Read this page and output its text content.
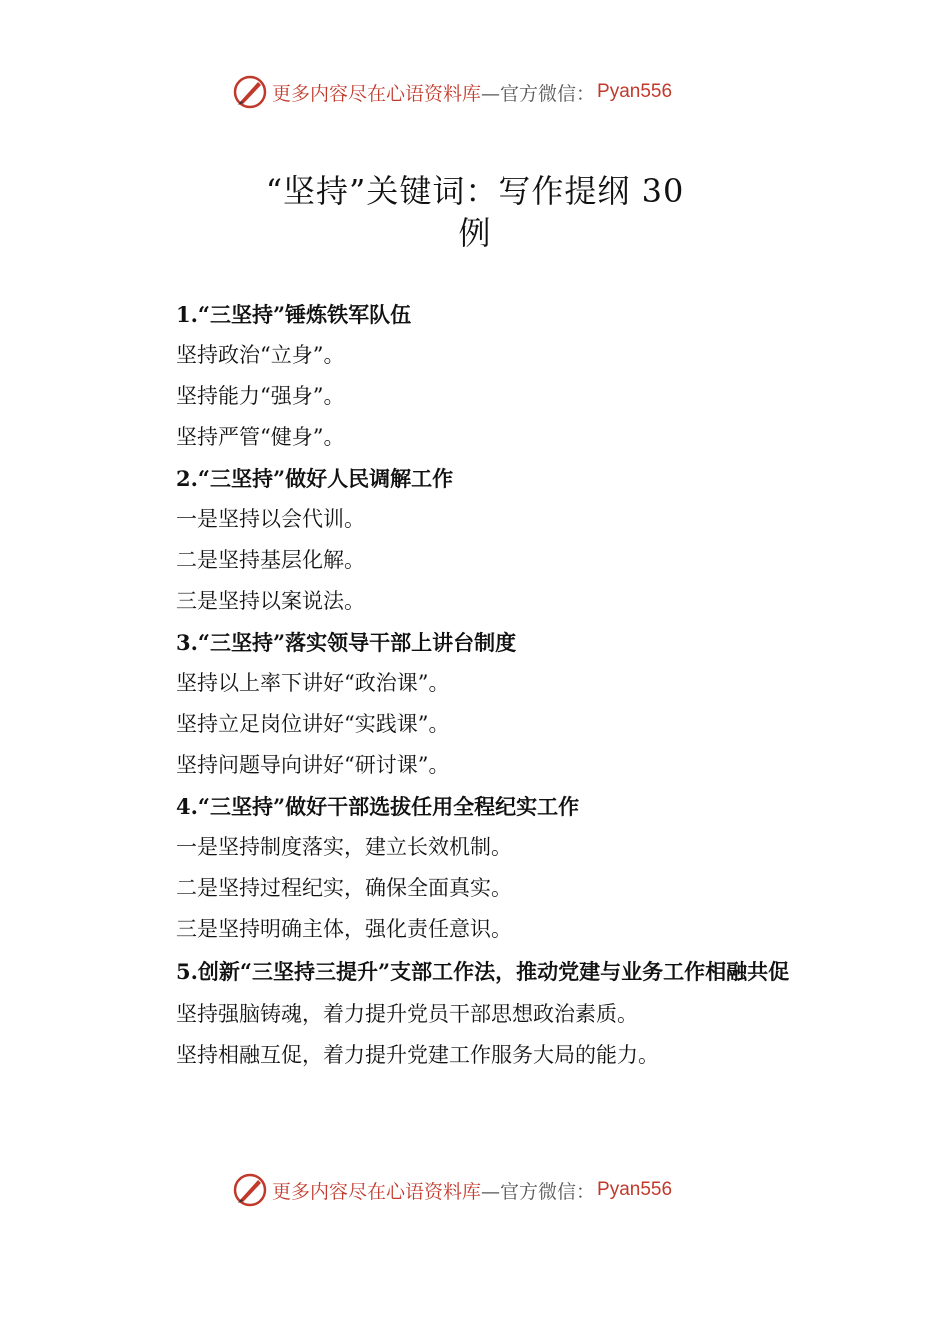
更多内容尽在心语资料库 —官方微信： Pyan556
“坚持”关键词：写作提纲 30
例
1.“三坚持”锤炼铁军队伍
坚持政治“立身”。
坚持能力“强身”。
坚持严管“健身”。
2.“三坚持”做好人民调解工作
一是坚持以会代训。
二是坚持基层化解。
三是坚持以案说法。
3.“三坚持”落实领导干部上讲台制度
坚持以上率下讲好“政治课”。
坚持立足岗位讲好“实践课”。
坚持问题导向讲好“研讨课”。
4.“三坚持”做好干部选拔任用全程纪实工作
一是坚持制度落实，建立长效机制。
二是坚持过程纪实，确保全面真实。
三是坚持明确主体，强化责任意识。
5.创新“三坚持三提升”支部工作法，推动党建与业务工作相融共促
坚持强脑铸魂，着力提升党员干部思想政治素质。
坚持相融互促，着力提升党建工作服务大局的能力。
更多内容尽在心语资料库 —官方微信： Pyan556
